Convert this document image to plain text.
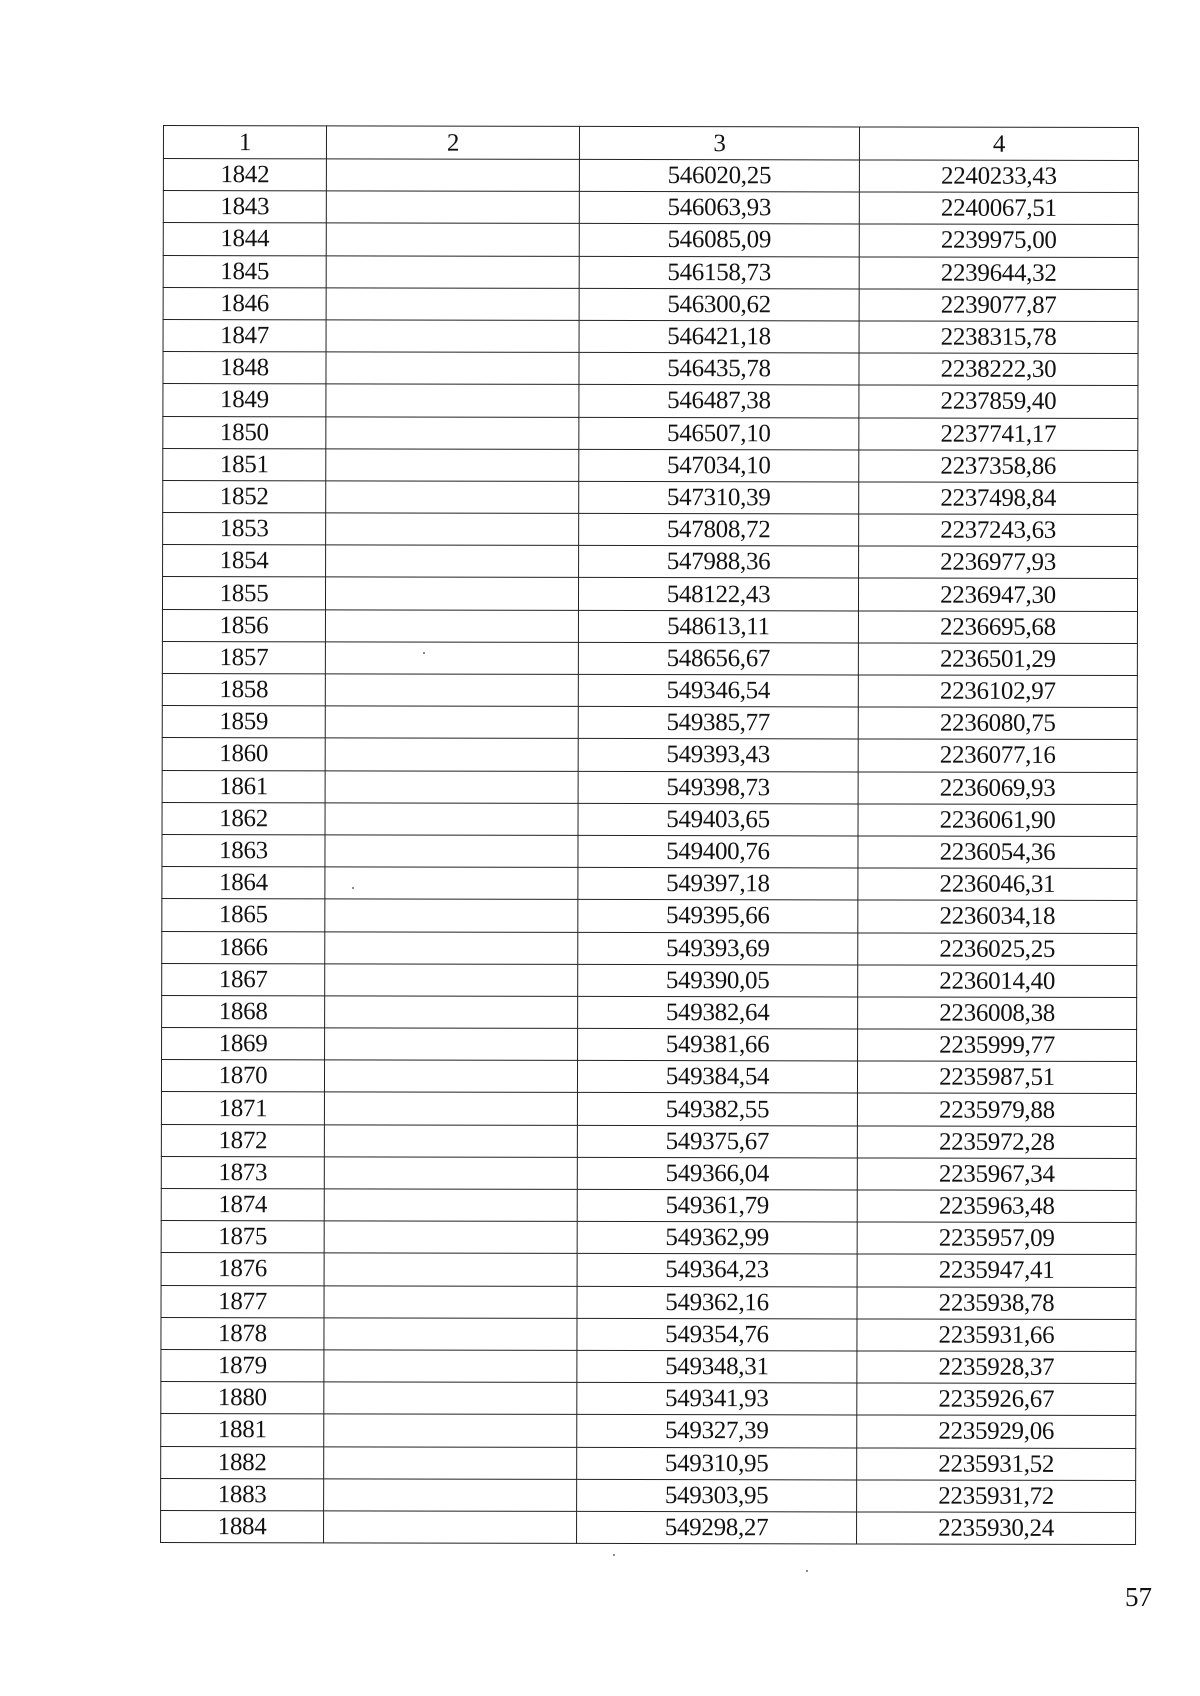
1	2	3	4
1842		546020,25	2240233,43
1843		546063,93	2240067,51
1844		546085,09	2239975,00
1845		546158,73	2239644,32
1846		546300,62	2239077,87
1847		546421,18	2238315,78
1848		546435,78	2238222,30
1849		546487,38	2237859,40
1850		546507,10	2237741,17
1851		547034,10	2237358,86
1852		547310,39	2237498,84
1853		547808,72	2237243,63
1854		547988,36	2236977,93
1855		548122,43	2236947,30
1856		548613,11	2236695,68
1857		548656,67	2236501,29
1858		549346,54	2236102,97
1859		549385,77	2236080,75
1860		549393,43	2236077,16
1861		549398,73	2236069,93
1862		549403,65	2236061,90
1863		549400,76	2236054,36
1864		549397,18	2236046,31
1865		549395,66	2236034,18
1866		549393,69	2236025,25
1867		549390,05	2236014,40
1868		549382,64	2236008,38
1869		549381,66	2235999,77
1870		549384,54	2235987,51
1871		549382,55	2235979,88
1872		549375,67	2235972,28
1873		549366,04	2235967,34
1874		549361,79	2235963,48
1875		549362,99	2235957,09
1876		549364,23	2235947,41
1877		549362,16	2235938,78
1878		549354,76	2235931,66
1879		549348,31	2235928,37
1880		549341,93	2235926,67
1881		549327,39	2235929,06
1882		549310,95	2235931,52
1883		549303,95	2235931,72
1884		549298,27	2235930,24
57
